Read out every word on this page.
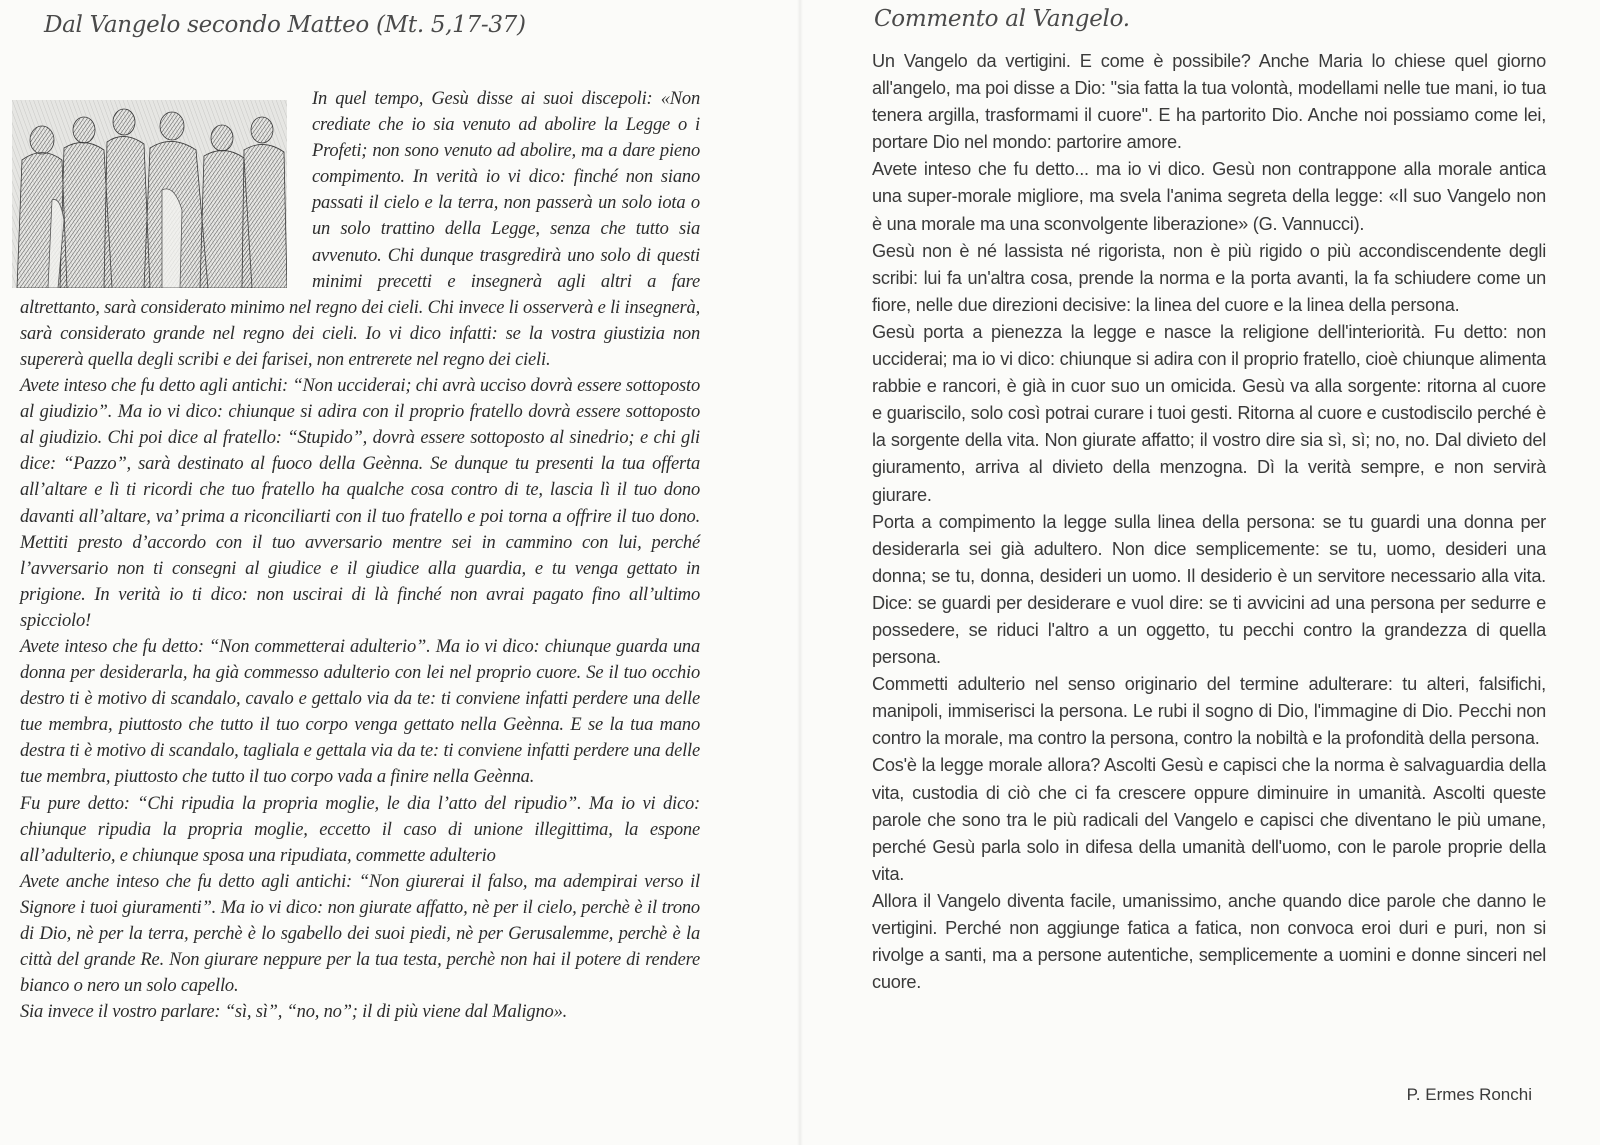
Dal Vangelo secondo Matteo (Mt. 5,17-37)

In quel tempo, Gesù disse ai suoi discepoli: «Non crediate che io sia venuto ad abolire la Legge o i Profeti; non sono venuto ad abolire, ma a dare pieno compimento. In verità io vi dico: finché non siano passati il cielo e la terra, non passerà un solo iota o un solo trattino della Legge, senza che tutto sia avvenuto. Chi dunque trasgredirà uno solo di questi minimi precetti e insegnerà agli altri a fare altrettanto, sarà considerato minimo nel regno dei cieli. Chi invece li osserverà e li insegnerà, sarà considerato grande nel regno dei cieli. Io vi dico infatti: se la vostra giustizia non supererà quella degli scribi e dei farisei, non entrerete nel regno dei cieli.

Avete inteso che fu detto agli antichi: “Non ucciderai; chi avrà ucciso dovrà essere sottoposto al giudizio”. Ma io vi dico: chiunque si adira con il proprio fratello dovrà essere sottoposto al giudizio. Chi poi dice al fratello: “Stupido”, dovrà essere sottoposto al sinedrio; e chi gli dice: “Pazzo”, sarà destinato al fuoco della Geènna. Se dunque tu presenti la tua offerta all’altare e lì ti ricordi che tuo fratello ha qualche cosa contro di te, lascia lì il tuo dono davanti all’altare, va’ prima a riconciliarti con il tuo fratello e poi torna a offrire il tuo dono. Mettiti presto d’accordo con il tuo avversario mentre sei in cammino con lui, perché l’avversario non ti consegni al giudice e il giudice alla guardia, e tu venga gettato in prigione. In verità io ti dico: non uscirai di là finché non avrai pagato fino all’ultimo spicciolo!

Avete inteso che fu detto: “Non commetterai adulterio”. Ma io vi dico: chiunque guarda una donna per desiderarla, ha già commesso adulterio con lei nel proprio cuore. Se il tuo occhio destro ti è motivo di scandalo, cavalo e gettalo via da te: ti conviene infatti perdere una delle tue membra, piuttosto che tutto il tuo corpo venga gettato nella Geènna. E se la tua mano destra ti è motivo di scandalo, tagliala e gettala via da te: ti conviene infatti perdere una delle tue membra, piuttosto che tutto il tuo corpo vada a finire nella Geènna.

Fu pure detto: “Chi ripudia la propria moglie, le dia l’atto del ripudio”. Ma io vi dico: chiunque ripudia la propria moglie, eccetto il caso di unione illegittima, la espone all’adulterio, e chiunque sposa una ripudiata, commette adulterio

Avete anche inteso che fu detto agli antichi: “Non giurerai il falso, ma adempirai verso il Signore i tuoi giuramenti”. Ma io vi dico: non giurate affatto, nè per il cielo, perchè è il trono di Dio, nè per la terra, perchè è lo sgabello dei suoi piedi, nè per Gerusalemme, perchè è la città del grande Re. Non giurare neppure per la tua testa, perchè non hai il potere di rendere bianco o nero un solo capello.

Sia invece il vostro parlare: “sì, sì”, “no, no”; il di più viene dal Maligno».

Commento al Vangelo.

Un Vangelo da vertigini. E come è possibile? Anche Maria lo chiese quel giorno all'angelo, ma poi disse a Dio: "sia fatta la tua volontà, modellami nelle tue mani, io tua tenera argilla, trasformami il cuore". E ha partorito Dio. Anche noi possiamo come lei, portare Dio nel mondo: partorire amore.

Avete inteso che fu detto... ma io vi dico. Gesù non contrappone alla morale antica una super-morale migliore, ma svela l'anima segreta della legge: «Il suo Vangelo non è una morale ma una sconvolgente liberazione» (G. Vannucci).

Gesù non è né lassista né rigorista, non è più rigido o più accondiscendente degli scribi: lui fa un'altra cosa, prende la norma e la porta avanti, la fa schiudere come un fiore, nelle due direzioni decisive: la linea del cuore e la linea della persona.

Gesù porta a pienezza la legge e nasce la religione dell'interiorità. Fu detto: non ucciderai; ma io vi dico: chiunque si adira con il proprio fratello, cioè chiunque alimenta rabbie e rancori, è già in cuor suo un omicida. Gesù va alla sorgente: ritorna al cuore e guariscilo, solo così potrai curare i tuoi gesti. Ritorna al cuore e custodiscilo perché è la sorgente della vita. Non giurate affatto; il vostro dire sia sì, sì; no, no. Dal divieto del giuramento, arriva al divieto della menzogna. Dì la verità sempre, e non servirà giurare.

Porta a compimento la legge sulla linea della persona: se tu guardi una donna per desiderarla sei già adultero. Non dice semplicemente: se tu, uomo, desideri una donna; se tu, donna, desideri un uomo. Il desiderio è un servitore necessario alla vita. Dice: se guardi per desiderare e vuol dire: se ti avvicini ad una persona per sedurre e possedere, se riduci l'altro a un oggetto, tu pecchi contro la grandezza di quella persona.

Commetti adulterio nel senso originario del termine adulterare: tu alteri, falsifichi, manipoli, immiserisci la persona. Le rubi il sogno di Dio, l'immagine di Dio. Pecchi non contro la morale, ma contro la persona, contro la nobiltà e la profondità della persona.

Cos'è la legge morale allora? Ascolti Gesù e capisci che la norma è salvaguardia della vita, custodia di ciò che ci fa crescere oppure diminuire in umanità. Ascolti queste parole che sono tra le più radicali del Vangelo e capisci che diventano le più umane, perché Gesù parla solo in difesa della umanità dell'uomo, con le parole proprie della vita.

Allora il Vangelo diventa facile, umanissimo, anche quando dice parole che danno le vertigini. Perché non aggiunge fatica a fatica, non convoca eroi duri e puri, non si rivolge a santi, ma a persone autentiche, semplicemente a uomini e donne sinceri nel cuore.

P. Ermes Ronchi
